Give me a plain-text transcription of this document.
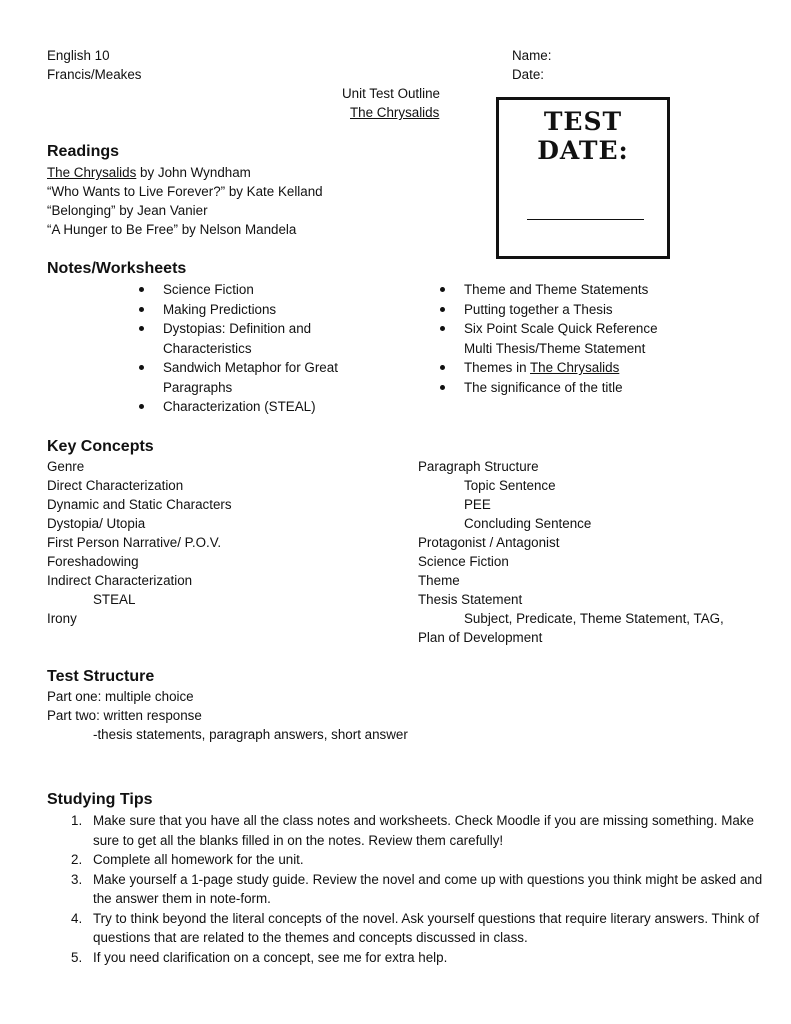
English 10
Francis/Meakes
Name:
Date:
Unit Test Outline
The Chrysalids	TEST
DATE:
Readings
The Chrysalids by John Wyndham
“Who Wants to Live Forever?” by Kate Kelland
“Belonging” by Jean Vanier
“A Hunger to Be Free” by Nelson Mandela
Notes/Worksheets
Science Fiction
Making Predictions
Dystopias: Definition and
Characteristics
Sandwich Metaphor for Great
Paragraphs
Characterization (STEAL)
Theme and Theme Statements
Putting together a Thesis
Six Point Scale Quick Reference
Multi Thesis/Theme Statement
Themes in The Chrysalids
The significance of the title
Key Concepts
Genre
Direct Characterization
Dynamic and Static Characters
Dystopia/ Utopia
First Person Narrative/ P.O.V.
Foreshadowing
Indirect Characterization
STEAL
Irony
Paragraph Structure
Topic Sentence
PEE
Concluding Sentence
Protagonist / Antagonist
Science Fiction
Theme
Thesis Statement
Subject, Predicate, Theme Statement, TAG,
Plan of Development
Test Structure
Part one: multiple choice
Part two: written response
-thesis statements, paragraph answers, short answer
Studying Tips
1. Make sure that you have all the class notes and worksheets. Check Moodle if you are missing something. Make sure to get all the blanks filled in on the notes. Review them carefully!
2. Complete all homework for the unit.
3. Make yourself a 1-page study guide. Review the novel and come up with questions you think might be asked and the answer them in note-form.
4. Try to think beyond the literal concepts of the novel. Ask yourself questions that require literary answers. Think of questions that are related to the themes and concepts discussed in class.
5. If you need clarification on a concept, see me for extra help.
